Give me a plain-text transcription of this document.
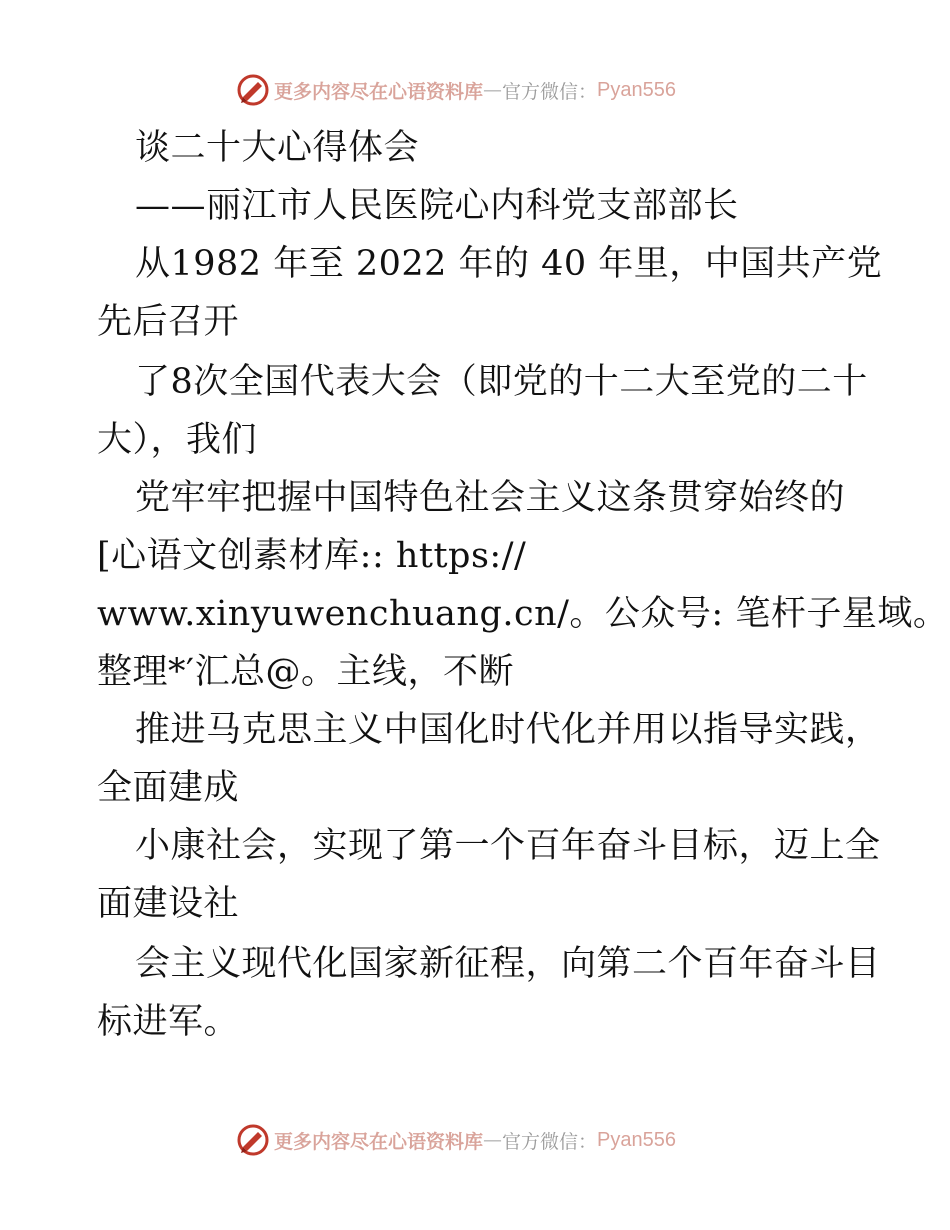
更多内容尽在心语资料库 — 官方微信： Pyan556
谈二十大心得体会
——丽江市人民医院心内科党支部部长
从1982 年至 2022 年的 40 年里，中国共产党
先后召开
了8次全国代表大会（即党的十二大至党的二十
大），我们
党牢牢把握中国特色社会主义这条贯穿始终的
[心语文创素材库:: https://
www.xinyuwenchuang.cn/。公众号: 笔杆子星域。
整理*′汇总@。主线，不断
推进马克思主义中国化时代化并用以指导实践，
全面建成
小康社会，实现了第一个百年奋斗目标，迈上全
面建设社
会主义现代化国家新征程，向第二个百年奋斗目
标进军。
更多内容尽在心语资料库 — 官方微信： Pyan556
